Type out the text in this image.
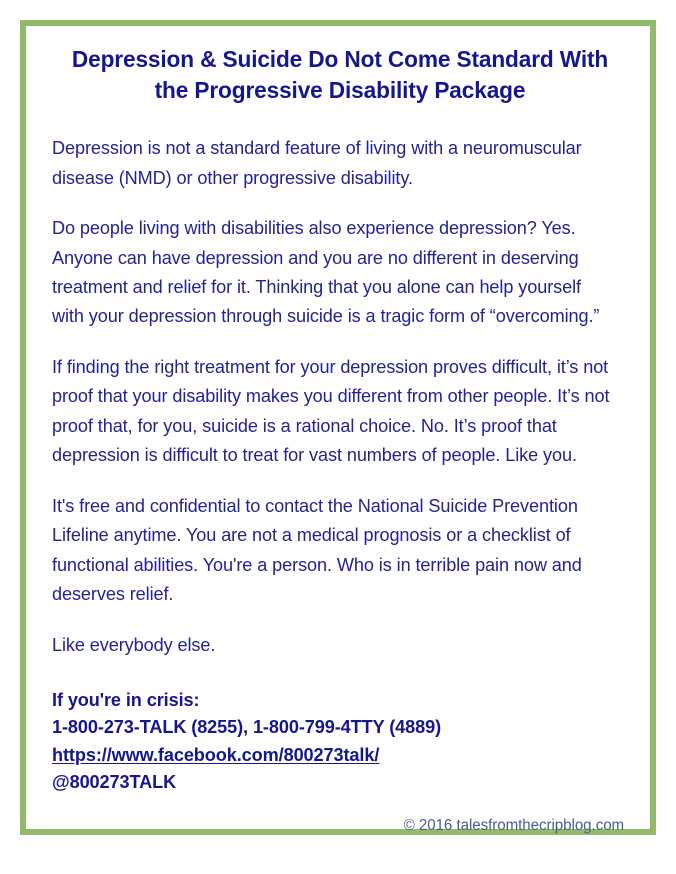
Depression & Suicide Do Not Come Standard With the Progressive Disability Package

Depression is not a standard feature of living with a neuromuscular disease (NMD) or other progressive disability.

Do people living with disabilities also experience depression? Yes. Anyone can have depression and you are no different in deserving treatment and relief for it. Thinking that you alone can help yourself with your depression through suicide is a tragic form of “overcoming.”

If finding the right treatment for your depression proves difficult, it’s not proof that your disability makes you different from other people. It’s not proof that, for you, suicide is a rational choice. No. It’s proof that depression is difficult to treat for vast numbers of people. Like you.

It's free and confidential to contact the National Suicide Prevention Lifeline anytime. You are not a medical prognosis or a checklist of functional abilities. You're a person. Who is in terrible pain now and deserves relief.

Like everybody else.

If you're in crisis:
1-800-273-TALK (8255), 1-800-799-4TTY (4889)
https://www.facebook.com/800273talk/
@800273TALK
© 2016 talesfromthecripblog.com
